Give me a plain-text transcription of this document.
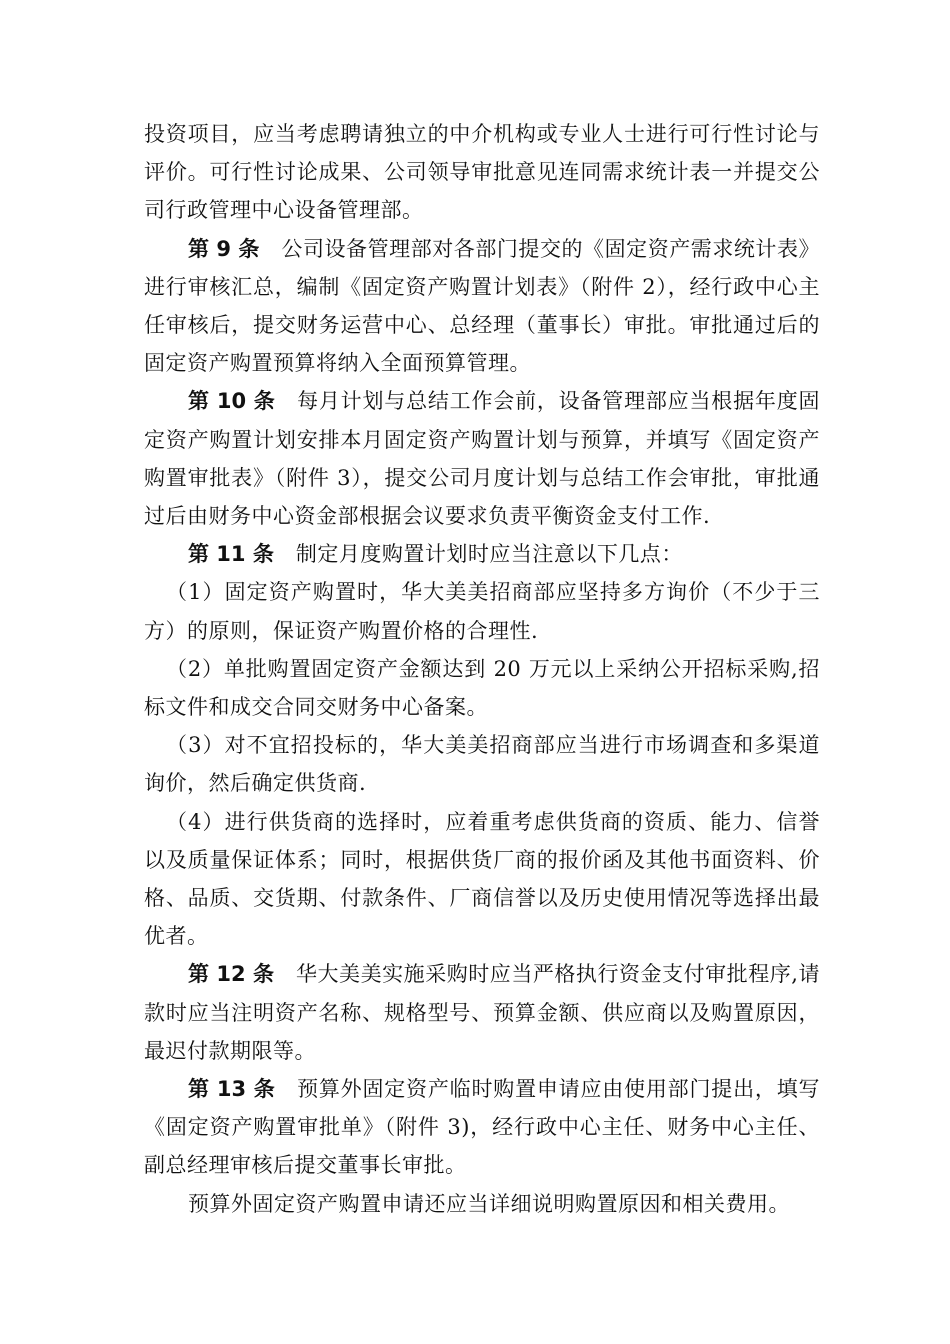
投资项目，应当考虑聘请独立的中介机构或专业人士进行可行性讨论与评价。可行性讨论成果、公司领导审批意见连同需求统计表一并提交公司行政管理中心设备管理部。

第 9 条 公司设备管理部对各部门提交的《固定资产需求统计表》进行审核汇总，编制《固定资产购置计划表》（附件 2），经行政中心主任审核后，提交财务运营中心、总经理（董事长）审批。审批通过后的固定资产购置预算将纳入全面预算管理。

第 10 条 每月计划与总结工作会前，设备管理部应当根据年度固定资产购置计划安排本月固定资产购置计划与预算，并填写《固定资产购置审批表》（附件 3），提交公司月度计划与总结工作会审批，审批通过后由财务中心资金部根据会议要求负责平衡资金支付工作.

第 11 条 制定月度购置计划时应当注意以下几点：

（1）固定资产购置时，华大美美招商部应坚持多方询价（不少于三方）的原则，保证资产购置价格的合理性.

（2）单批购置固定资产金额达到 20 万元以上采纳公开招标采购,招标文件和成交合同交财务中心备案。

（3）对不宜招投标的，华大美美招商部应当进行市场调查和多渠道询价，然后确定供货商.

（4）进行供货商的选择时，应着重考虑供货商的资质、能力、信誉以及质量保证体系；同时，根据供货厂商的报价函及其他书面资料、价格、品质、交货期、付款条件、厂商信誉以及历史使用情况等选择出最优者。

第 12 条 华大美美实施采购时应当严格执行资金支付审批程序,请款时应当注明资产名称、规格型号、预算金额、供应商以及购置原因，最迟付款期限等。

第 13 条 预算外固定资产临时购置申请应由使用部门提出，填写《固定资产购置审批单》（附件 3)，经行政中心主任、财务中心主任、副总经理审核后提交董事长审批。

预算外固定资产购置申请还应当详细说明购置原因和相关费用。
